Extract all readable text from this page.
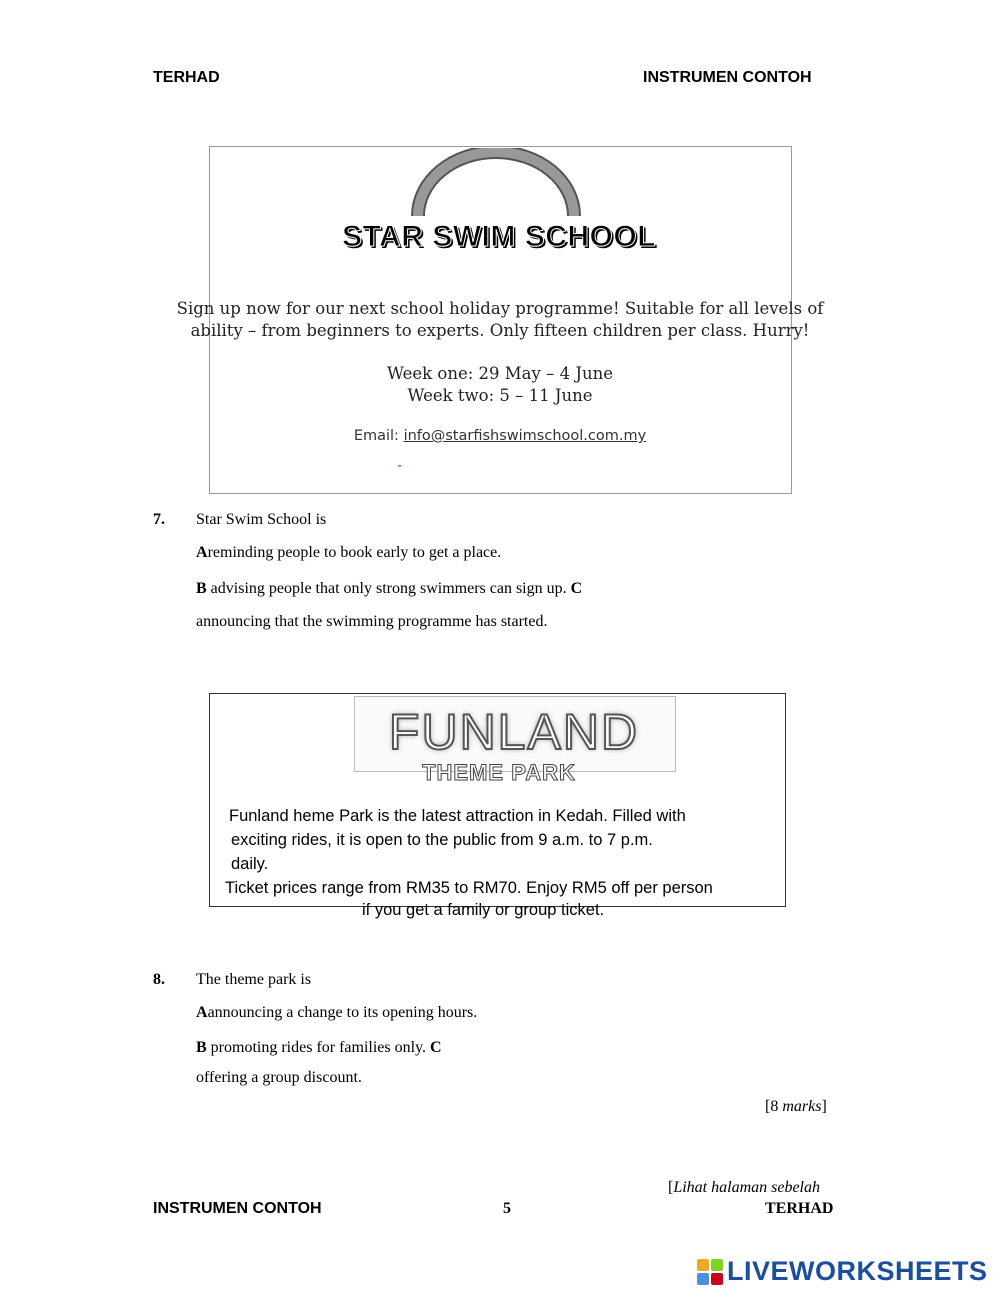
TERHAD	INSTRUMEN CONTOH
STAR SWIM SCHOOL
Sign up now for our next school holiday programme! Suitable for all levels of
ability – from beginners to experts. Only fifteen children per class. Hurry!
Week one: 29 May – 4 June
Week two: 5 – 11 June
Email: info@starfishswimschool.com.my
-
7. Star Swim School is
Areminding people to book early to get a place.
B advising people that only strong swimmers can sign up. C
announcing that the swimming programme has started.
FUNLAND
THEME PARK
Funland heme Park is the latest attraction in Kedah. Filled with
exciting rides, it is open to the public from 9 a.m. to 7 p.m.
daily.
Ticket prices range from RM35 to RM70. Enjoy RM5 off per person
if you get a family or group ticket.
8. The theme park is
Aannouncing a change to its opening hours.
B promoting rides for families only. C
offering a group discount.
[8 marks]
[Lihat halaman sebelah
INSTRUMEN CONTOH	5	TERHAD
LIVEWORKSHEETS
